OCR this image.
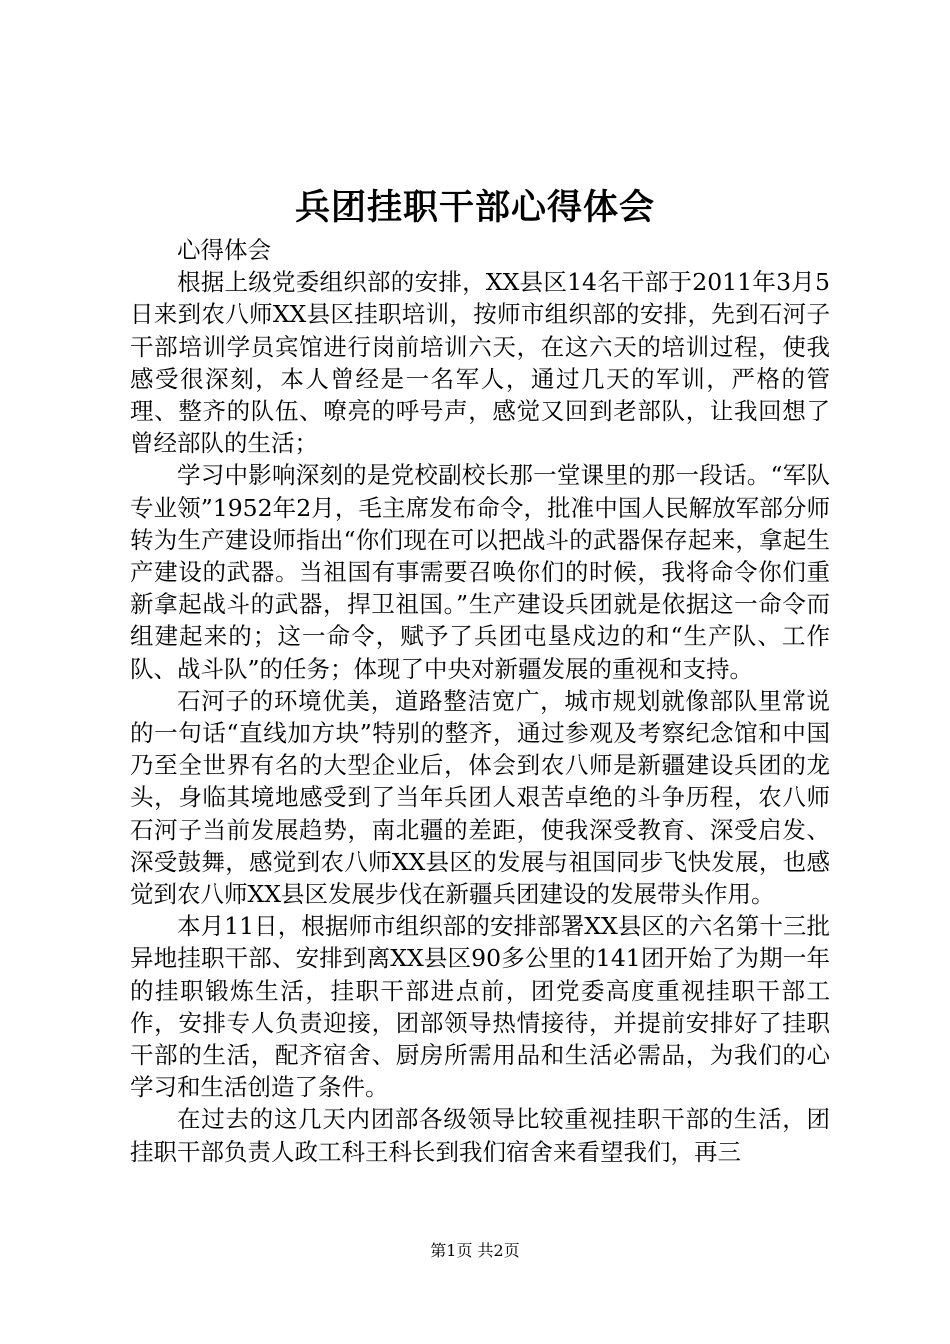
兵团挂职干部心得体会

心得体会

根据上级党委组织部的安排，XX县区14名干部于2011年3月5日来到农八师XX县区挂职培训，按师市组织部的安排，先到石河子干部培训学员宾馆进行岗前培训六天，在这六天的培训过程，使我感受很深刻，本人曾经是一名军人，通过几天的军训，严格的管理、整齐的队伍、嘹亮的呼号声，感觉又回到老部队，让我回想了曾经部队的生活；

学习中影响深刻的是党校副校长那一堂课里的那一段话。“军队专业领”1952年2月，毛主席发布命令，批准中国人民解放军部分师转为生产建设师指出“你们现在可以把战斗的武器保存起来，拿起生产建设的武器。当祖国有事需要召唤你们的时候，我将命令你们重新拿起战斗的武器，捍卫祖国。”生产建设兵团就是依据这一命令而组建起来的；这一命令，赋予了兵团屯垦戍边的和“生产队、工作队、战斗队”的任务；体现了中央对新疆发展的重视和支持。

石河子的环境优美，道路整洁宽广，城市规划就像部队里常说的一句话“直线加方块”特别的整齐，通过参观及考察纪念馆和中国乃至全世界有名的大型企业后，体会到农八师是新疆建设兵团的龙头，身临其境地感受到了当年兵团人艰苦卓绝的斗争历程，农八师石河子当前发展趋势，南北疆的差距，使我深受教育、深受启发、深受鼓舞，感觉到农八师XX县区的发展与祖国同步飞快发展，也感觉到农八师XX县区发展步伐在新疆兵团建设的发展带头作用。

本月11日，根据师市组织部的安排部署XX县区的六名第十三批异地挂职干部、安排到离XX县区90多公里的141团开始了为期一年的挂职锻炼生活，挂职干部进点前，团党委高度重视挂职干部工作，安排专人负责迎接，团部领导热情接待，并提前安排好了挂职干部的生活，配齐宿舍、厨房所需用品和生活必需品，为我们的心学习和生活创造了条件。

在过去的这几天内团部各级领导比较重视挂职干部的生活，团挂职干部负责人政工科王科长到我们宿舍来看望我们，再三

第1页 共2页
